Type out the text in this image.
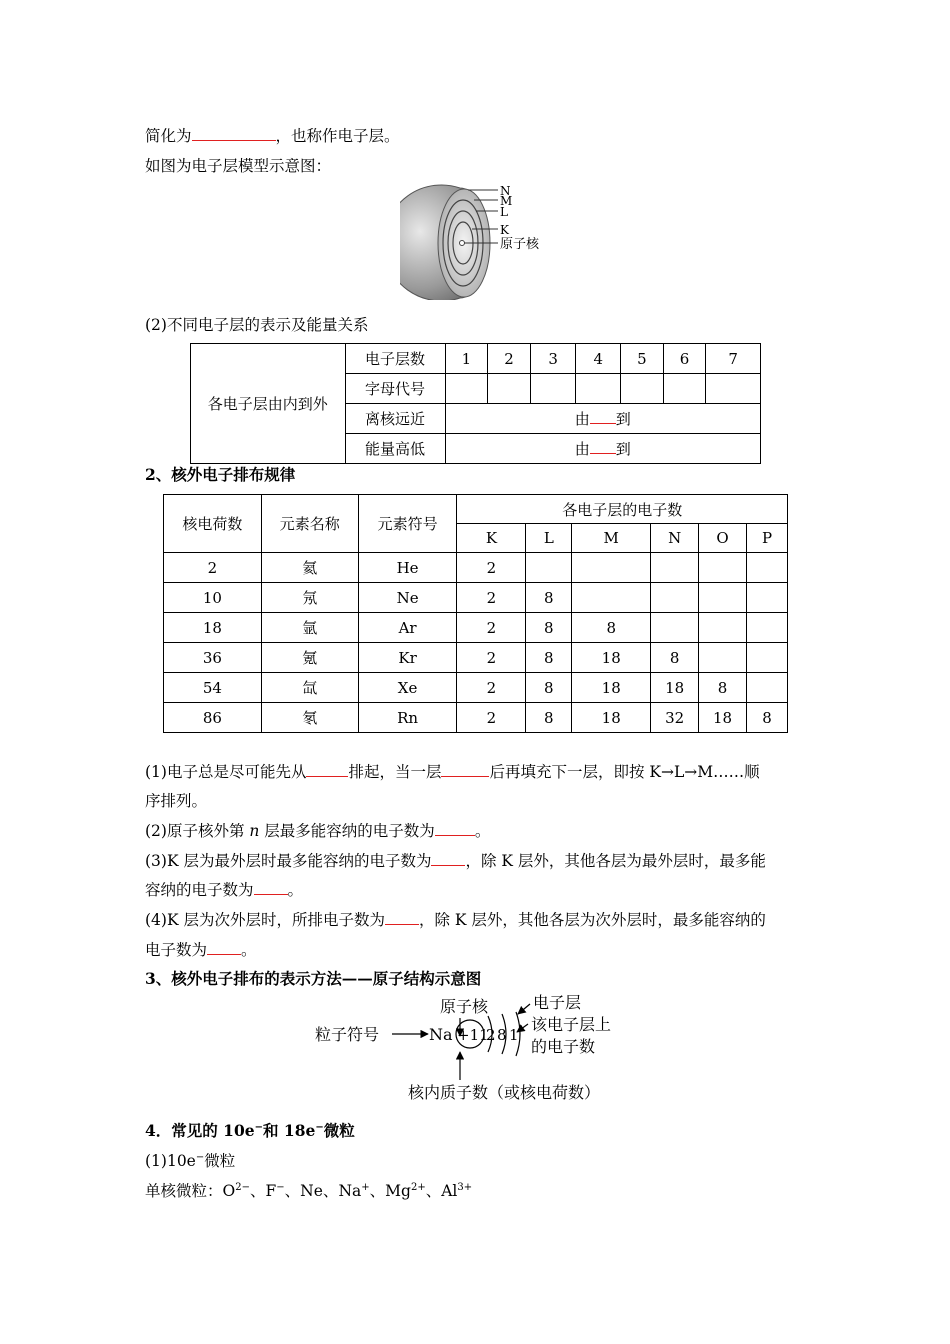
简化为	，也称作电子层。
如图为电子层模型示意图：
N
M
L
K
原子核
(2)不同电子层的表示及能量关系
各电子层由内到外	电子层数	1	2	3	4	5	6	7
	字母代号							
	离核远近	由 到						
	能量高低	由 到						
2、核外电子排布规律
核电荷数	元素名称	元素符号	各电子层的电子数					
			K	L	M	N	O	P
2	氦	He	2					
10	氖	Ne	2	8				
18	氩	Ar	2	8	8			
36	氪	Kr	2	8	18	8		
54	氙	Xe	2	8	18	18	8	
86	氡	Rn	2	8	18	32	18	8
(1)电子总是尽可能先从	排起，当一层	后再填充下一层，即按 K→L→M……顺
序排列。
(2)原子核外第 n 层最多能容纳的电子数为	。
(3)K 层为最外层时最多能容纳的电子数为 ，除 K 层外，其他各层为最外层时，最多能
容纳的电子数为 。
(4)K 层为次外层时，所排电子数为 ，除 K 层外，其他各层为次外层时，最多能容纳的
电子数为 。
3、核外电子排布的表示方法——原子结构示意图
原子核
粒子符号	Na +11
2 8 1
电子层
该电子层上
的电子数
核内质子数（或核电荷数）
4．常见的 10e−和 18e−微粒
(1)10e−微粒
单核微粒：$O^{2-}$、F−、Ne、Na+、$Mg^{2+}$、$Al^{3+}$
